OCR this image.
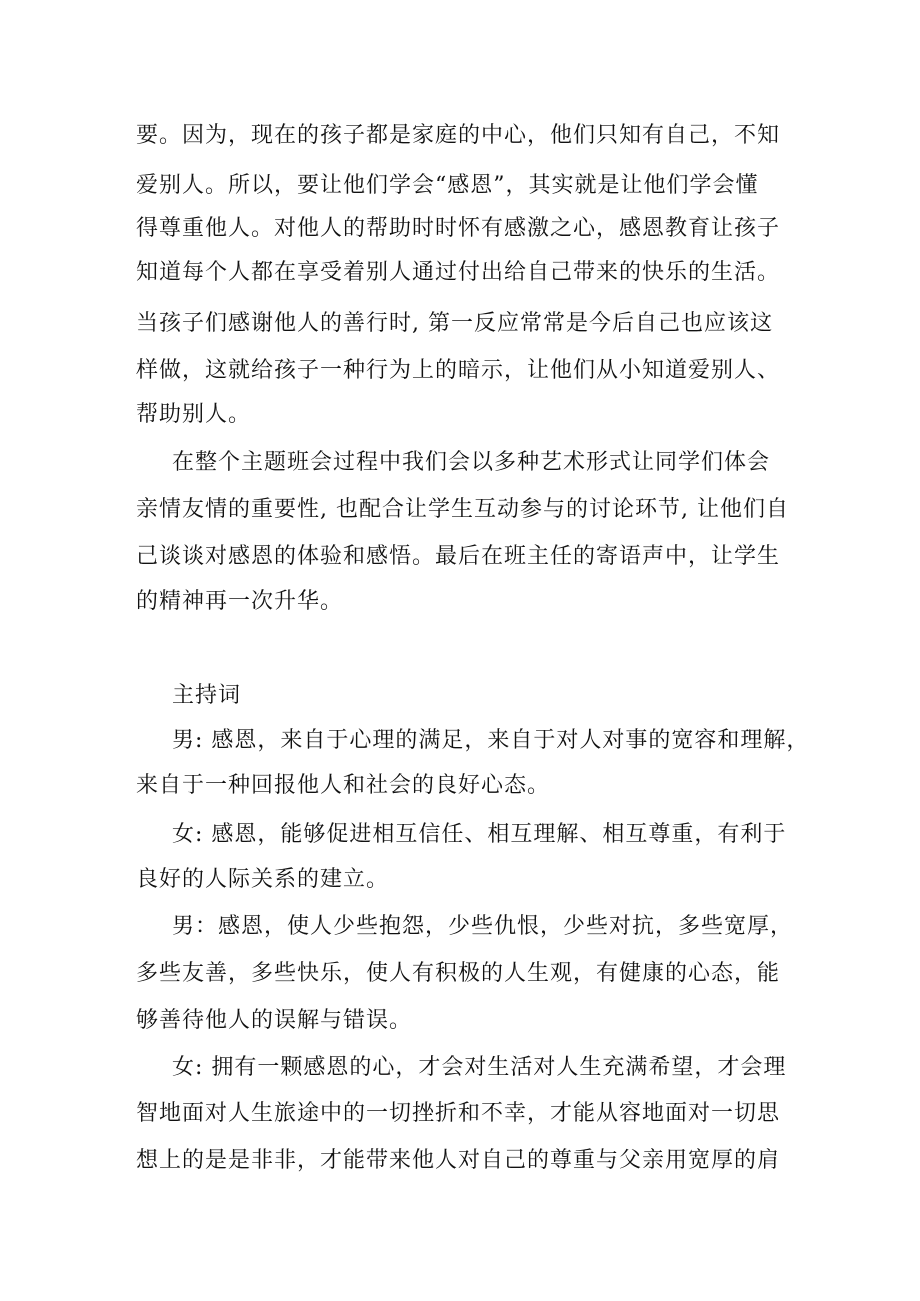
要。因为，现在的孩子都是家庭的中心，他们只知有自己，不知
爱别人。所以，要让他们学会“感恩”，其实就是让他们学会懂
得尊重他人。对他人的帮助时时怀有感激之心，感恩教育让孩子
知道每个人都在享受着别人通过付出给自己带来的快乐的生活。
当孩子们感谢他人的善行时, 第一反应常常是今后自己也应该这
样做，这就给孩子一种行为上的暗示，让他们从小知道爱别人、
帮助别人。
在整个主题班会过程中我们会以多种艺术形式让同学们体会
亲情友情的重要性, 也配合让学生互动参与的讨论环节, 让他们自
己谈谈对感恩的体验和感悟。最后在班主任的寄语声中，让学生
的精神再一次升华。
主持词
男: 感恩，来自于心理的满足，来自于对人对事的宽容和理解，
来自于一种回报他人和社会的良好心态。
女: 感恩，能够促进相互信任、相互理解、相互尊重，有利于
良好的人际关系的建立。
男：感恩，使人少些抱怨，少些仇恨，少些对抗，多些宽厚，
多些友善，多些快乐，使人有积极的人生观，有健康的心态，能
够善待他人的误解与错误。
女: 拥有一颗感恩的心，才会对生活对人生充满希望，才会理
智地面对人生旅途中的一切挫折和不幸，才能从容地面对一切思
想上的是是非非，才能带来他人对自己的尊重与父亲用宽厚的肩
